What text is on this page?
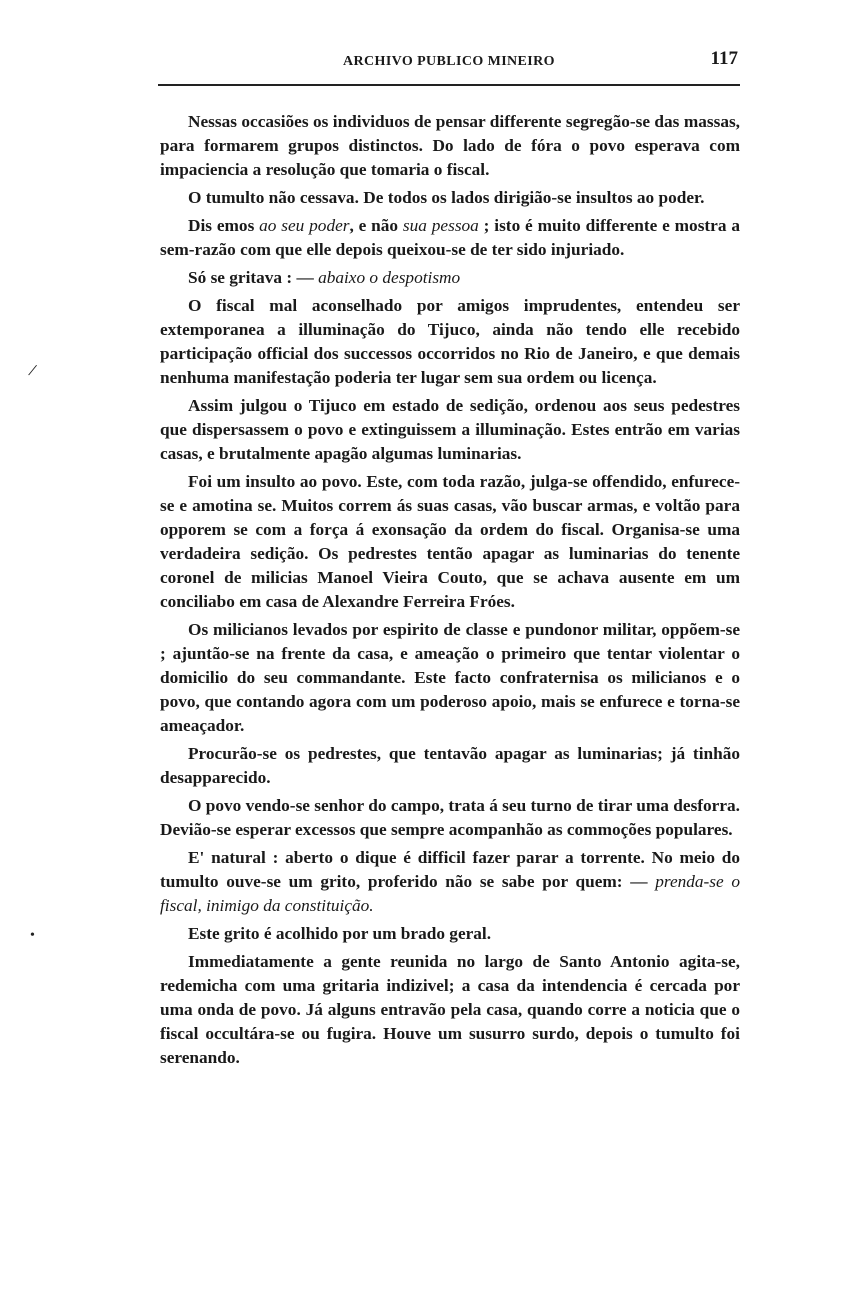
ARCHIVO PUBLICO MINEIRO	117
/
•

Nessas occasiões os individuos de pensar differente segregão-se das massas, para formarem grupos distinctos. Do lado de fóra o povo esperava com impaciencia a resolução que tomaria o fiscal.

O tumulto não cessava. De todos os lados dirigião-se insultos ao poder.

Dis emos ao seu poder, e não sua pessoa ; isto é muito differente e mostra a sem-razão com que elle depois queixou-se de ter sido injuriado.

Só se gritava : — abaixo o despotismo

O fiscal mal aconselhado por amigos imprudentes, entendeu ser extemporanea a illuminação do Tijuco, ainda não tendo elle recebido participação official dos successos occorridos no Rio de Janeiro, e que demais nenhuma manifestação poderia ter lugar sem sua ordem ou licença.

Assim julgou o Tijuco em estado de sedição, ordenou aos seus pedestres que dispersassem o povo e extinguissem a illuminação. Estes entrão em varias casas, e brutalmente apagão algumas luminarias.

Foi um insulto ao povo. Este, com toda razão, julga-se offendido, enfurece-se e amotina se. Muitos correm ás suas casas, vão buscar armas, e voltão para opporem se com a força á exonsação da ordem do fiscal. Organisa-se uma verdadeira sedição. Os pedrestes tentão apagar as luminarias do tenente coronel de milicias Manoel Vieira Couto, que se achava ausente em um conciliabo em casa de Alexandre Ferreira Fróes.

Os milicianos levados por espirito de classe e pundonor militar, oppõem-se ; ajuntão-se na frente da casa, e ameação o primeiro que tentar violentar o domicilio do seu commandante. Este facto confraternisa os milicianos e o povo, que contando agora com um poderoso apoio, mais se enfurece e torna-se ameaçador.

Procurão-se os pedrestes, que tentavão apagar as luminarias; já tinhão desapparecido.

O povo vendo-se senhor do campo, trata á seu turno de tirar uma desforra. Devião-se esperar excessos que sempre acompanhão as commoções populares.

E' natural : aberto o dique é difficil fazer parar a torrente. No meio do tumulto ouve-se um grito, proferido não se sabe por quem: — prenda-se o fiscal, inimigo da constituição.

Este grito é acolhido por um brado geral.

Immediatamente a gente reunida no largo de Santo Antonio agita-se, redemicha com uma gritaria indizivel; a casa da intendencia é cercada por uma onda de povo. Já alguns entravão pela casa, quando corre a noticia que o fiscal occultára-se ou fugira. Houve um susurro surdo, depois o tumulto foi serenando.
